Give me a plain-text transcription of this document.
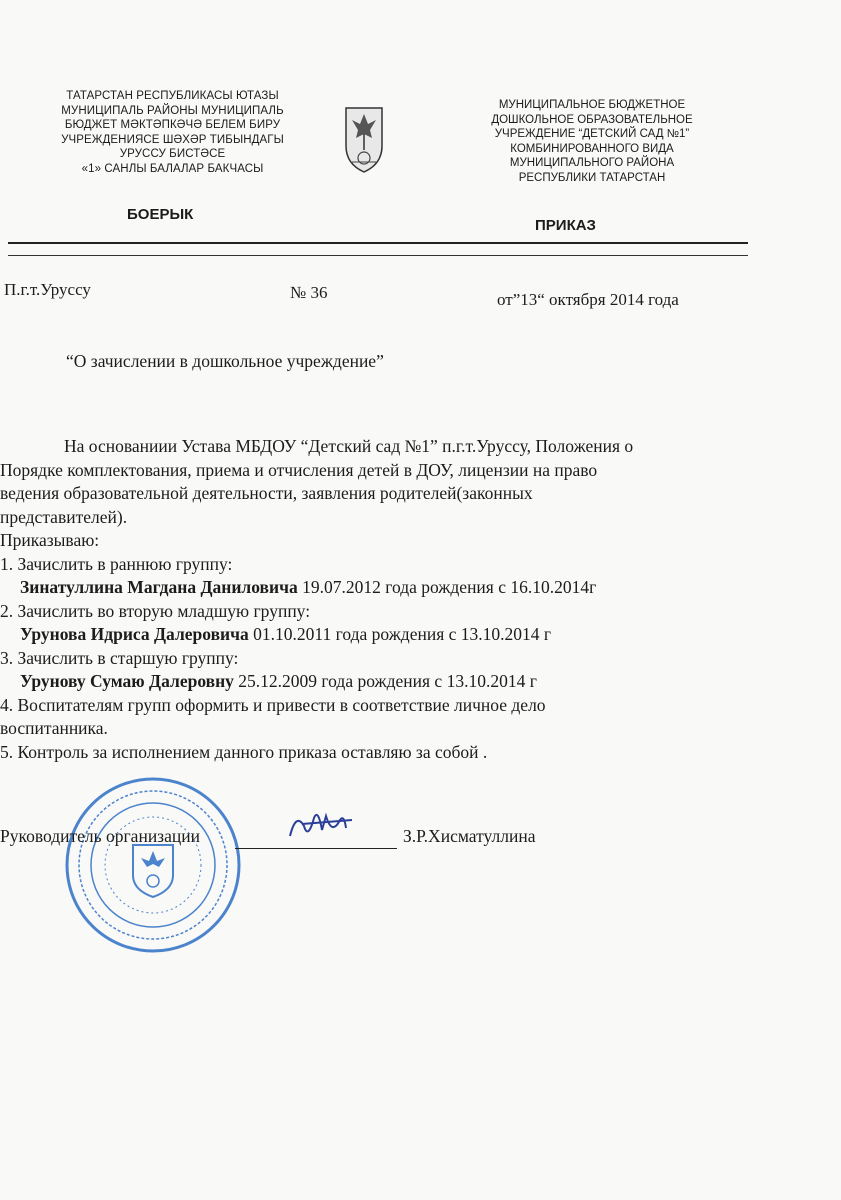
ТАТАРСТАН РЕСПУБЛИКАСЫ ЮТАЗЫ
МУНИЦИПАЛЬ РАЙОНЫ МУНИЦИПАЛЬ
БЮДЖЕТ МӘКТӘПКӘЧӘ БЕЛЕМ БИРУ
УЧРЕЖДЕНИЯСЕ ШӘХӘР ТИБЫНДАГЫ
УРУССУ БИСТӘСЕ
«1» САНЛЫ БАЛАЛАР БАКЧАСЫ
МУНИЦИПАЛЬНОЕ БЮДЖЕТНОЕ
ДОШКОЛЬНОЕ ОБРАЗОВАТЕЛЬНОЕ
УЧРЕЖДЕНИЕ “ДЕТСКИЙ САД №1”
КОМБИНИРОВАННОГО ВИДА
МУНИЦИПАЛЬНОГО РАЙОНА
РЕСПУБЛИКИ ТАТАРСТАН
БОЕРЫК
ПРИКАЗ
П.г.т.Уруссу	№ 36	от”13“ октября 2014 года
“О зачислении в дошкольное учреждение”
На основаниии Устава МБДОУ “Детский сад №1” п.г.т.Уруссу, Положения о
Порядке комплектования, приема и отчисления детей в ДОУ, лицензии на право
ведения образовательной деятельности, заявления родителей(законных
представителей).
Приказываю:
1. Зачислить в раннюю группу:
Зинатуллина Магдана Даниловича 19.07.2012 года рождения с 16.10.2014г
2. Зачислить во вторую младшую группу:
Урунова Идриса Далеровича 01.10.2011 года рождения с 13.10.2014 г
3. Зачислить в старшую группу:
Урунову Сумаю Далеровну 25.12.2009 года рождения с 13.10.2014 г
4. Воспитателям групп оформить и привести в соответствие личное дело
воспитанника.
5. Контроль за исполнением данного приказа оставляю за собой .
Руководитель организации	З.Р.Хисматуллина
